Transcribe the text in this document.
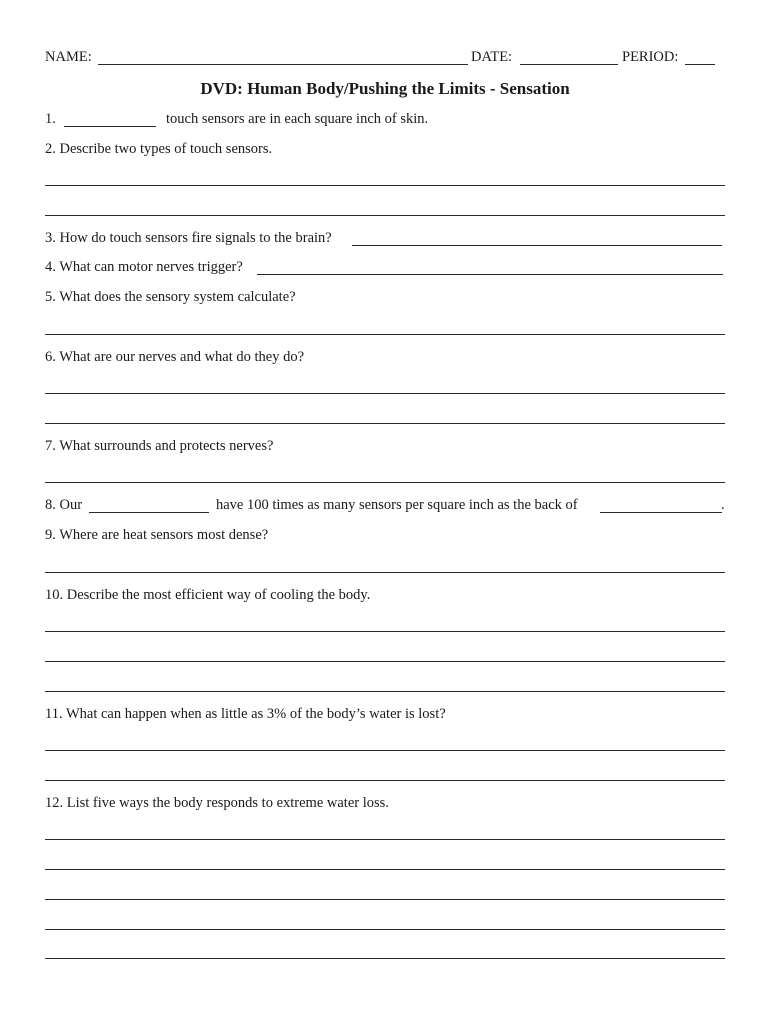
NAME:	DATE:	PERIOD:
DVD: Human Body/Pushing the Limits - Sensation
1.	touch sensors are in each square inch of skin.
2. Describe two types of touch sensors.
3. How do touch sensors fire signals to the brain?
4. What can motor nerves trigger?
5. What does the sensory system calculate?
6. What are our nerves and what do they do?
7. What surrounds and protects nerves?
8. Our	have 100 times as many sensors per square inch as the back of	.
9. Where are heat sensors most dense?
10. Describe the most efficient way of cooling the body.
11. What can happen when as little as 3% of the body’s water is lost?
12. List five ways the body responds to extreme water loss.
